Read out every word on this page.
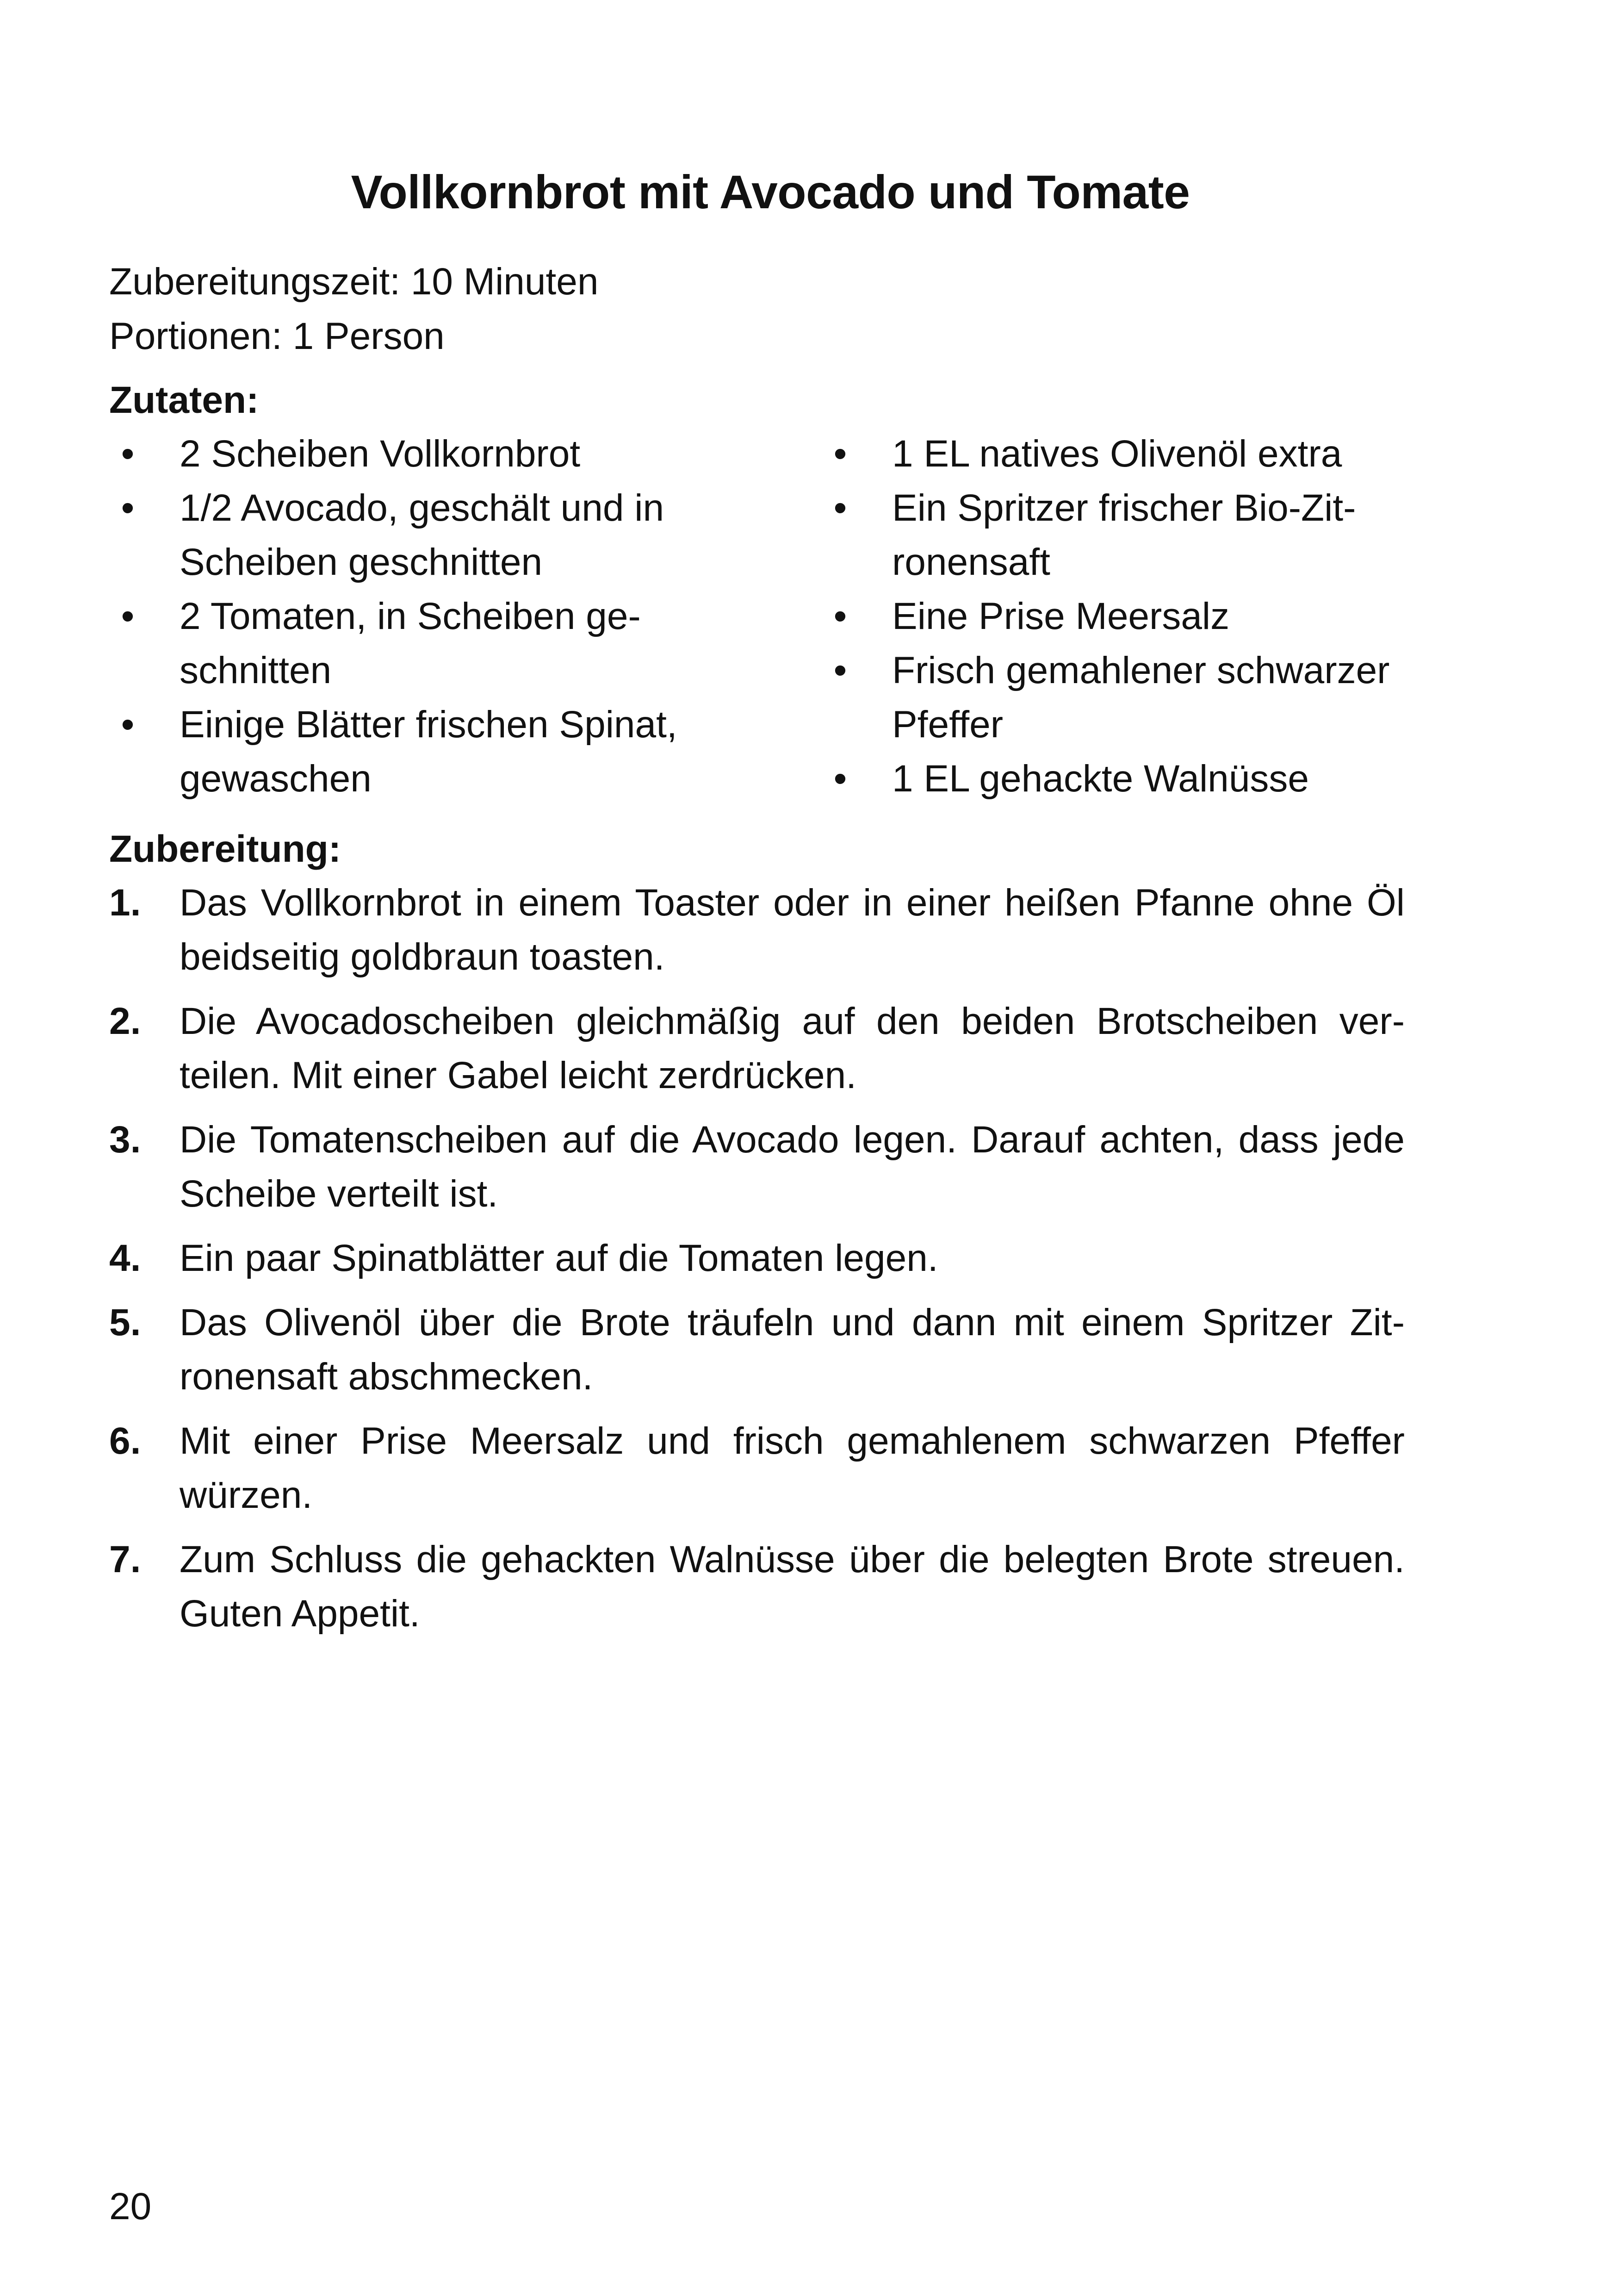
Vollkornbrot mit Avocado und Tomate
Zubereitungszeit: 10 Minuten
Portionen: 1 Person
Zutaten:
•	2 Scheiben Vollkornbrot
•	1/2 Avocado, geschält und in Scheiben geschnitten
•	2 Tomaten, in Scheiben geschnitten
•	Einige Blätter frischen Spinat, gewaschen
•	1 EL natives Olivenöl extra
•	Ein Spritzer frischer Bio-Zitronensaft
•	Eine Prise Meersalz
•	Frisch gemahlener schwarzer Pfeffer
•	1 EL gehackte Walnüsse
Zubereitung:
1.	Das Vollkornbrot in einem Toaster oder in einer heißen Pfanne ohne Öl beidseitig goldbraun toasten.
2.	Die Avocadoscheiben gleichmäßig auf den beiden Brotscheiben verteilen. Mit einer Gabel leicht zerdrücken.
3.	Die Tomatenscheiben auf die Avocado legen. Darauf achten, dass jede Scheibe verteilt ist.
4.	Ein paar Spinatblätter auf die Tomaten legen.
5.	Das Olivenöl über die Brote träufeln und dann mit einem Spritzer Zitronensaft abschmecken.
6.	Mit einer Prise Meersalz und frisch gemahlenem schwarzen Pfeffer würzen.
7.	Zum Schluss die gehackten Walnüsse über die belegten Brote streuen. Guten Appetit.
20
